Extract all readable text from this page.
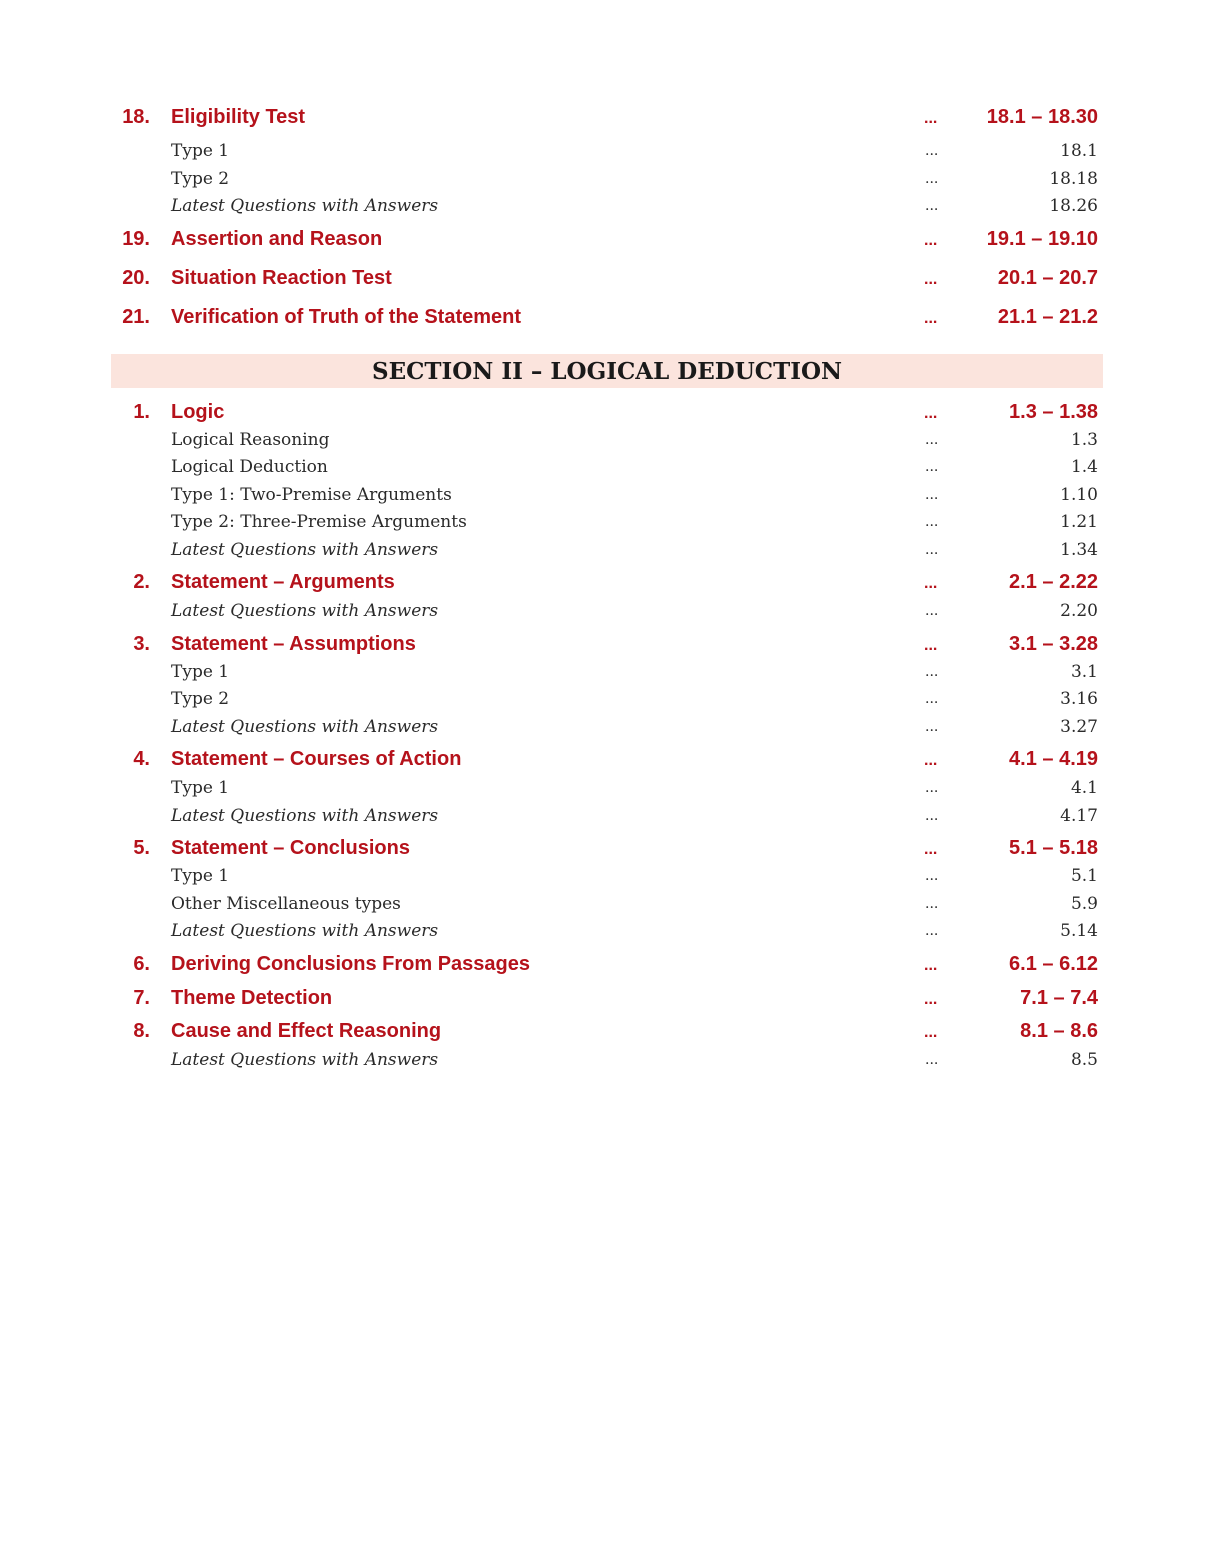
18. Eligibility Test	... 18.1 – 18.30
Type 1	...	18.1
Type 2	...	18.18
Latest Questions with Answers	...	18.26
19. Assertion and Reason	... 19.1 – 19.10
20. Situation Reaction Test	...	20.1 – 20.7
21. Verification of Truth of the Statement	...	21.1 – 21.2
SECTION II – LOGICAL DEDUCTION
1. Logic	...	1.3 – 1.38
Logical Reasoning	...	1.3
Logical Deduction	...	1.4
Type 1: Two-Premise Arguments	...	1.10
Type 2: Three-Premise Arguments	...	1.21
Latest Questions with Answers	...	1.34
2. Statement – Arguments	...	2.1 – 2.22
Latest Questions with Answers	...	2.20
3. Statement – Assumptions	...	3.1 – 3.28
Type 1	...	3.1
Type 2	...	3.16
Latest Questions with Answers	...	3.27
4. Statement – Courses of Action	...	4.1 – 4.19
Type 1	...	4.1
Latest Questions with Answers	...	4.17
5. Statement – Conclusions	...	5.1 – 5.18
Type 1	...	5.1
Other Miscellaneous types	...	5.9
Latest Questions with Answers	...	5.14
6. Deriving Conclusions From Passages	...	6.1 – 6.12
7. Theme Detection	...	7.1 – 7.4
8. Cause and Effect Reasoning	...	8.1 – 8.6
Latest Questions with Answers	...	8.5
